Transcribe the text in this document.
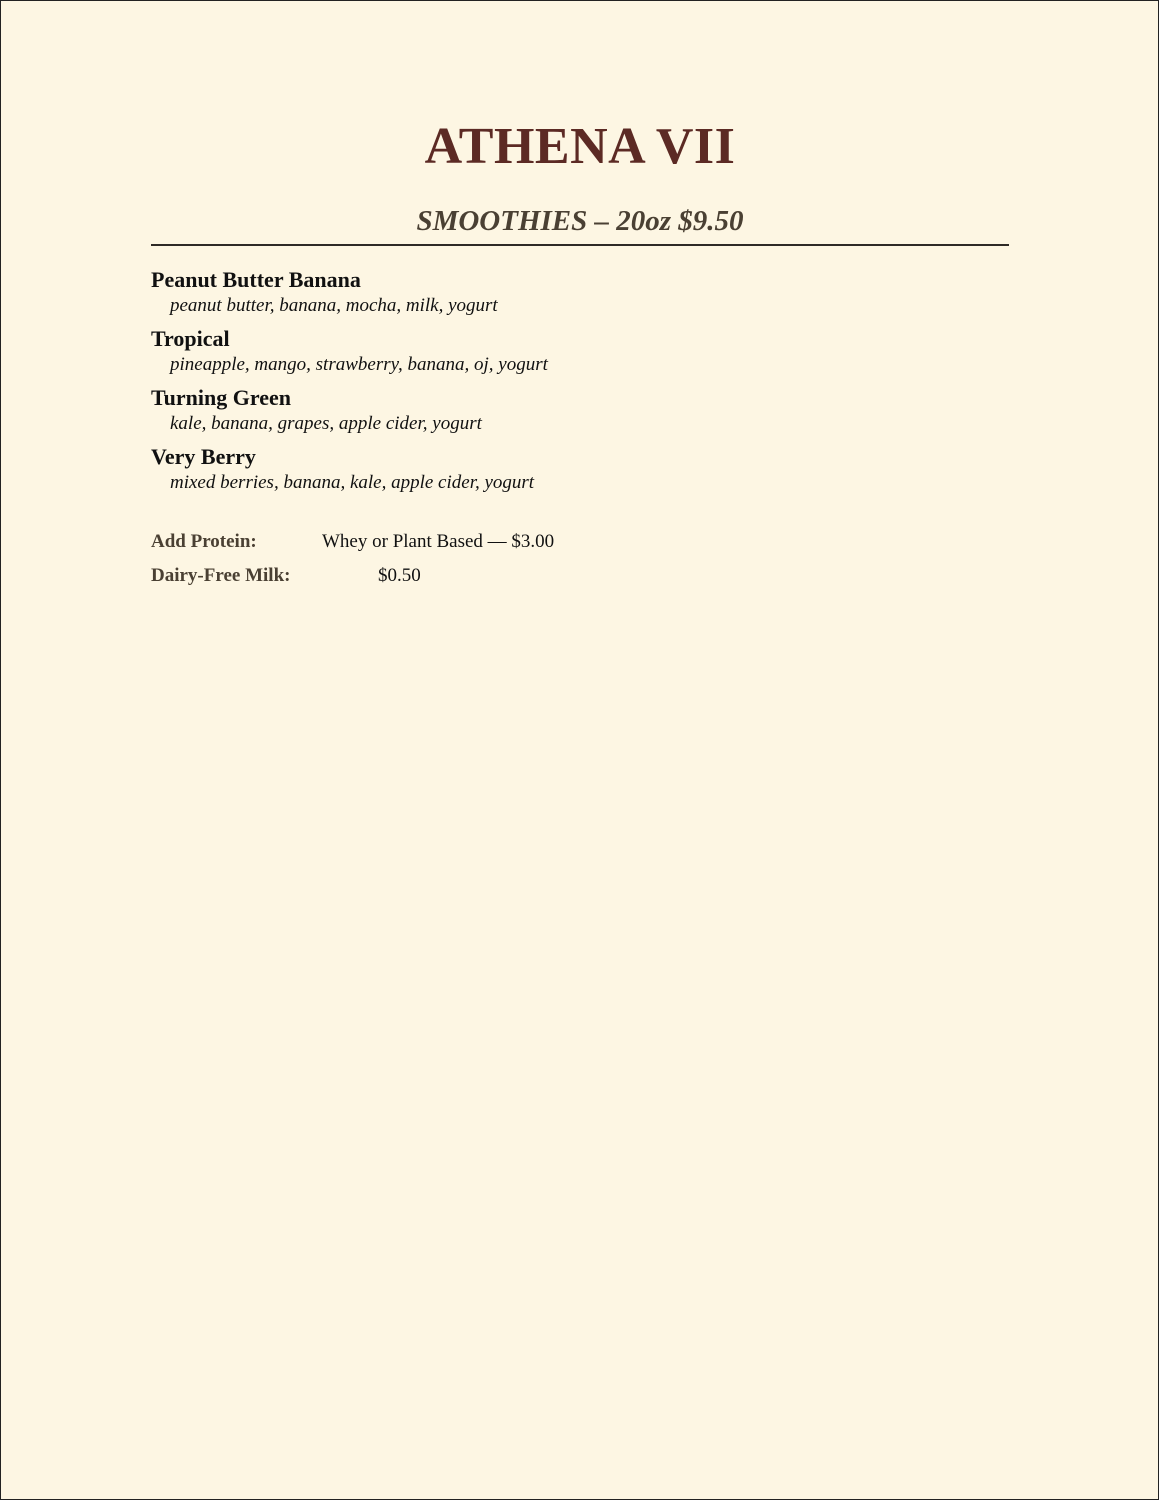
ATHENA VII
SMOOTHIES – 20oz $9.50
Peanut Butter Banana
peanut butter, banana, mocha, milk, yogurt
Tropical
pineapple, mango, strawberry, banana, oj, yogurt
Turning Green
kale, banana, grapes, apple cider, yogurt
Very Berry
mixed berries, banana, kale, apple cider, yogurt
Add Protein:	Whey or Plant Based — $3.00
Dairy-Free Milk:	$0.50
